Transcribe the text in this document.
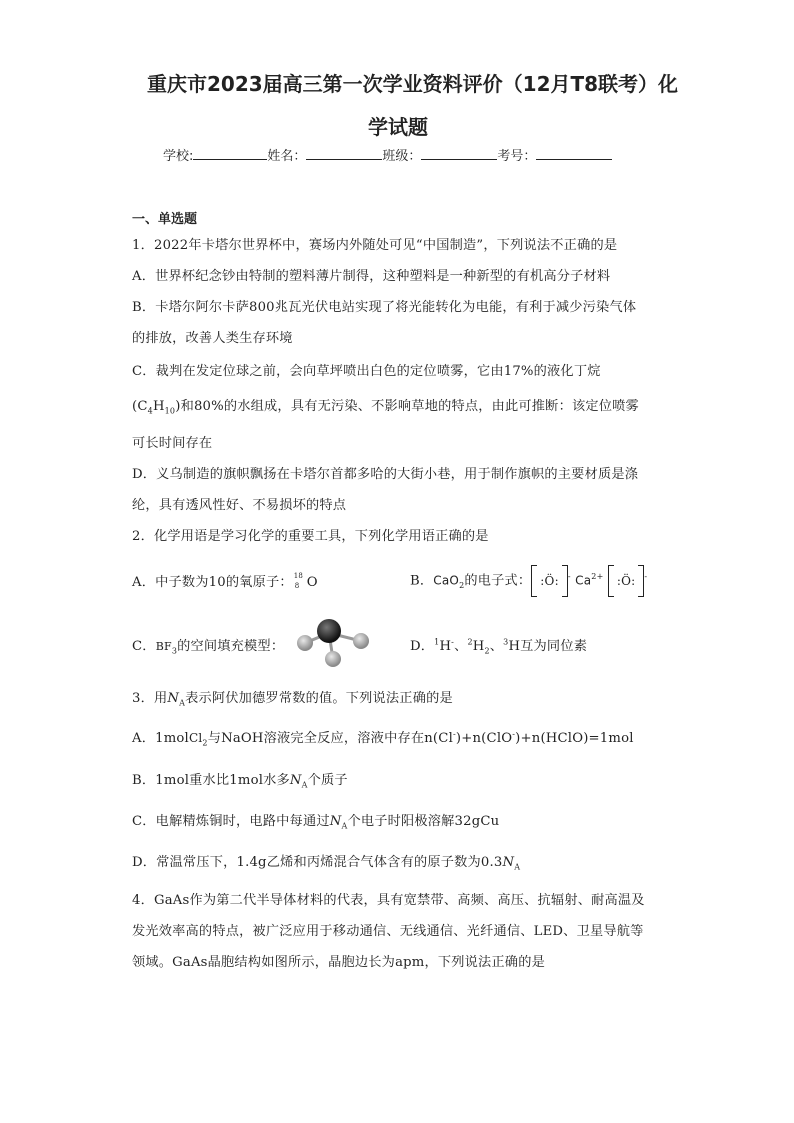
重庆市2023届高三第一次学业资料评价（12月T8联考）化
学试题
学校:	姓名：	班级：	考号：
一、单选题
1．2022年卡塔尔世界杯中，赛场内外随处可见“中国制造”，下列说法不正确的是
A．世界杯纪念钞由特制的塑料薄片制得，这种塑料是一种新型的有机高分子材料
B．卡塔尔阿尔卡萨800兆瓦光伏电站实现了将光能转化为电能，有利于减少污染气体
的排放，改善人类生存环境
C．裁判在发定位球之前，会向草坪喷出白色的定位喷雾，它由17%的液化丁烷
$(C_4H_{10})$和80%的水组成，具有无污染、不影响草地的特点，由此可推断：该定位喷雾
可长时间存在
D．义乌制造的旗帜飘扬在卡塔尔首都多哈的大街小巷，用于制作旗帜的主要材质是涤
纶，具有透风性好、不易损坏的特点
2．化学用语是学习化学的重要工具，下列化学用语正确的是
A．中子数为10的氧原子： 18
8 O	B．CaO$_2$的电子式： :Ö: - $Ca^{2+}$ :Ö: -
C．$BF_3$的空间填充模型：	D．$^1$H-、$^2H_2$、$^3$H互为同位素
3．用$N_A$表示阿伏加德罗常数的值。下列说法正确的是
A．1molCl$_2$与NaOH溶液完全反应，溶液中存在n(Cl-)+n(ClO-)+n(HClO)=1mol
B．1mol重水比1mol水多$N_A$个质子
C．电解精炼铜时，电路中每通过$N_A$个电子时阳极溶解32gCu
D．常温常压下，1.4g乙烯和丙烯混合气体含有的原子数为$0.3N_A$
4．GaAs作为第二代半导体材料的代表，具有宽禁带、高频、高压、抗辐射、耐高温及
发光效率高的特点，被广泛应用于移动通信、无线通信、光纤通信、LED、卫星导航等
领域。GaAs晶胞结构如图所示，晶胞边长为apm，下列说法正确的是
